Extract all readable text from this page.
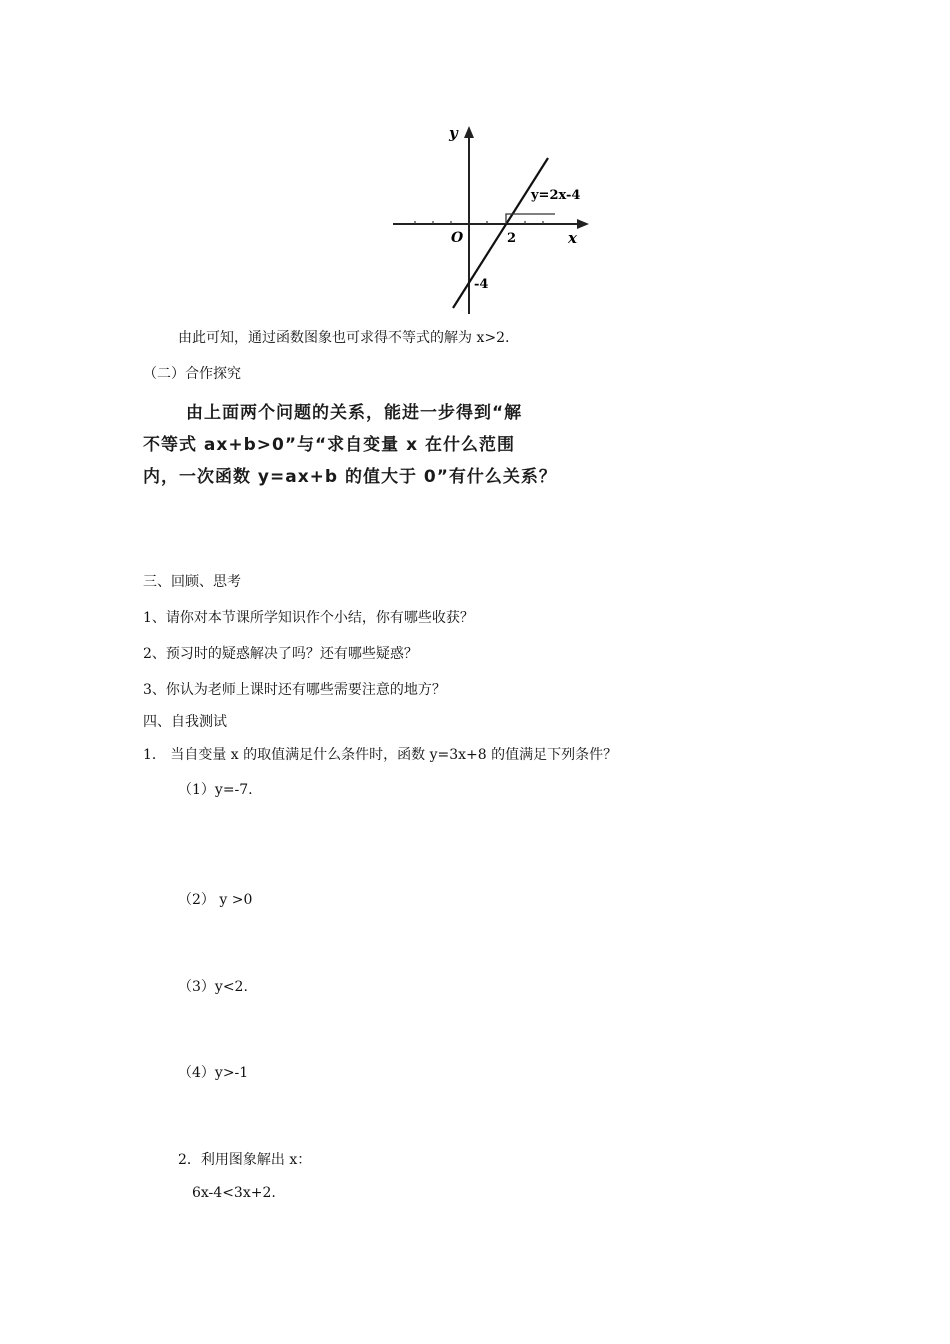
y
x
O	2
-4
y=2x-4
由此可知，通过函数图象也可求得不等式的解为 x>2.
（二）合作探究
由上面两个问题的关系，能进一步得到“解
不等式 ax+b>0”与“求自变量 x 在什么范围
内，一次函数 y=ax+b 的值大于 0”有什么关系？
三、回顾、思考
1、请你对本节课所学知识作个小结，你有哪些收获？
2、预习时的疑惑解决了吗？还有哪些疑惑？
3、你认为老师上课时还有哪些需要注意的地方？
四、自我测试
1． 当自变量 x 的取值满足什么条件时，函数 y=3x+8 的值满足下列条件？
（1）y=-7.
（2） y >0
（3）y<2.
（4）y>-1
2．利用图象解出 x：
6x-4<3x+2.
